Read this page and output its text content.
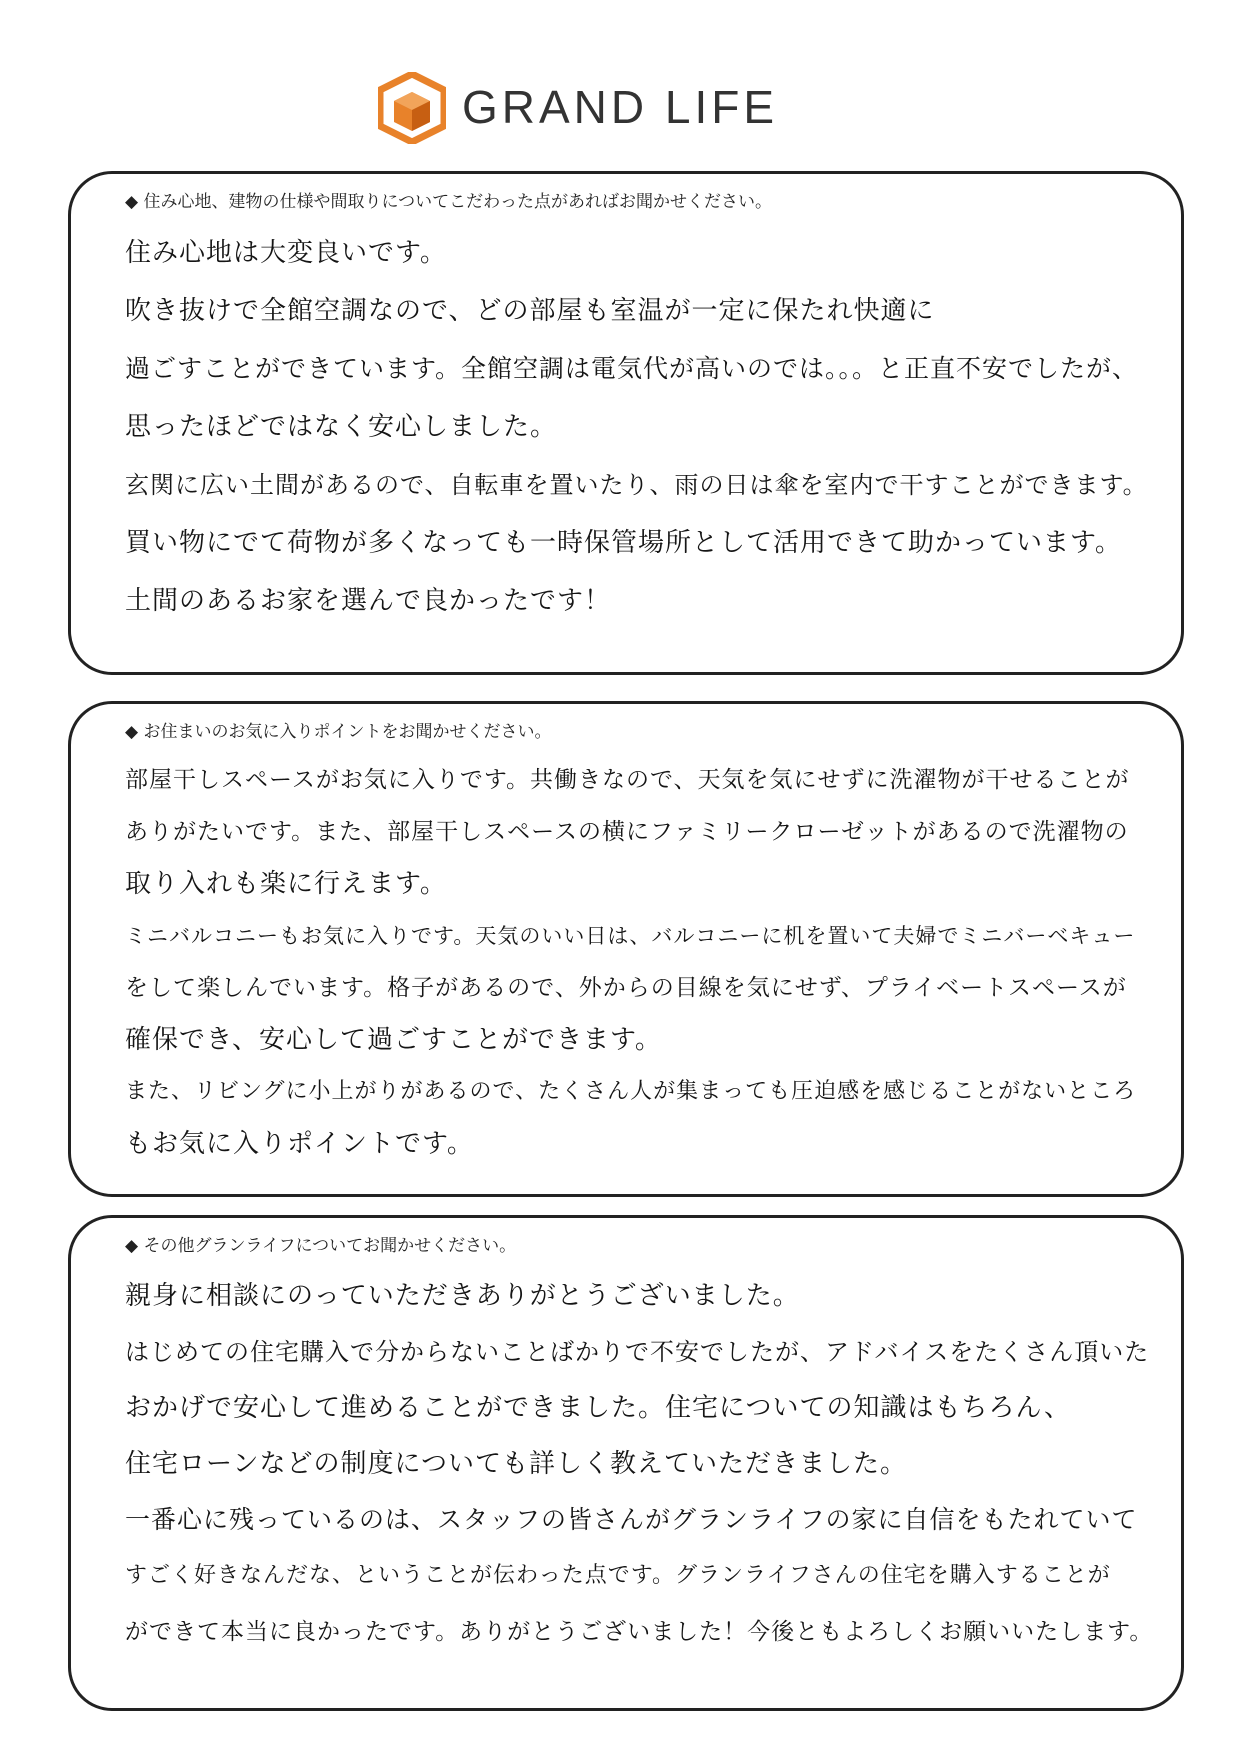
GRAND LIFE
◆ 住み心地、建物の仕様や間取りについてこだわった点があればお聞かせください。
住み心地は大変良いです。
吹き抜けで全館空調なので、どの部屋も室温が一定に保たれ快適に
過ごすことができています。全館空調は電気代が高いのでは。。。と正直不安でしたが、
思ったほどではなく安心しました。
玄関に広い土間があるので、自転車を置いたり、雨の日は傘を室内で干すことができます。
買い物にでて荷物が多くなっても一時保管場所として活用できて助かっています。
土間のあるお家を選んで良かったです！
◆ お住まいのお気に入りポイントをお聞かせください。
部屋干しスペースがお気に入りです。共働きなので、天気を気にせずに洗濯物が干せることが
ありがたいです。また、部屋干しスペースの横にファミリークローゼットがあるので洗濯物の
取り入れも楽に行えます。
ミニバルコニーもお気に入りです。天気のいい日は、バルコニーに机を置いて夫婦でミニバーベキュー
をして楽しんでいます。格子があるので、外からの目線を気にせず、プライベートスペースが
確保でき、安心して過ごすことができます。
また、リビングに小上がりがあるので、たくさん人が集まっても圧迫感を感じることがないところ
もお気に入りポイントです。
◆ その他グランライフについてお聞かせください。
親身に相談にのっていただきありがとうございました。
はじめての住宅購入で分からないことばかりで不安でしたが、アドバイスをたくさん頂いた
おかげで安心して進めることができました。住宅についての知識はもちろん、
住宅ローンなどの制度についても詳しく教えていただきました。
一番心に残っているのは、スタッフの皆さんがグランライフの家に自信をもたれていて
すごく好きなんだな、ということが伝わった点です。グランライフさんの住宅を購入することが
ができて本当に良かったです。ありがとうございました！今後ともよろしくお願いいたします。
